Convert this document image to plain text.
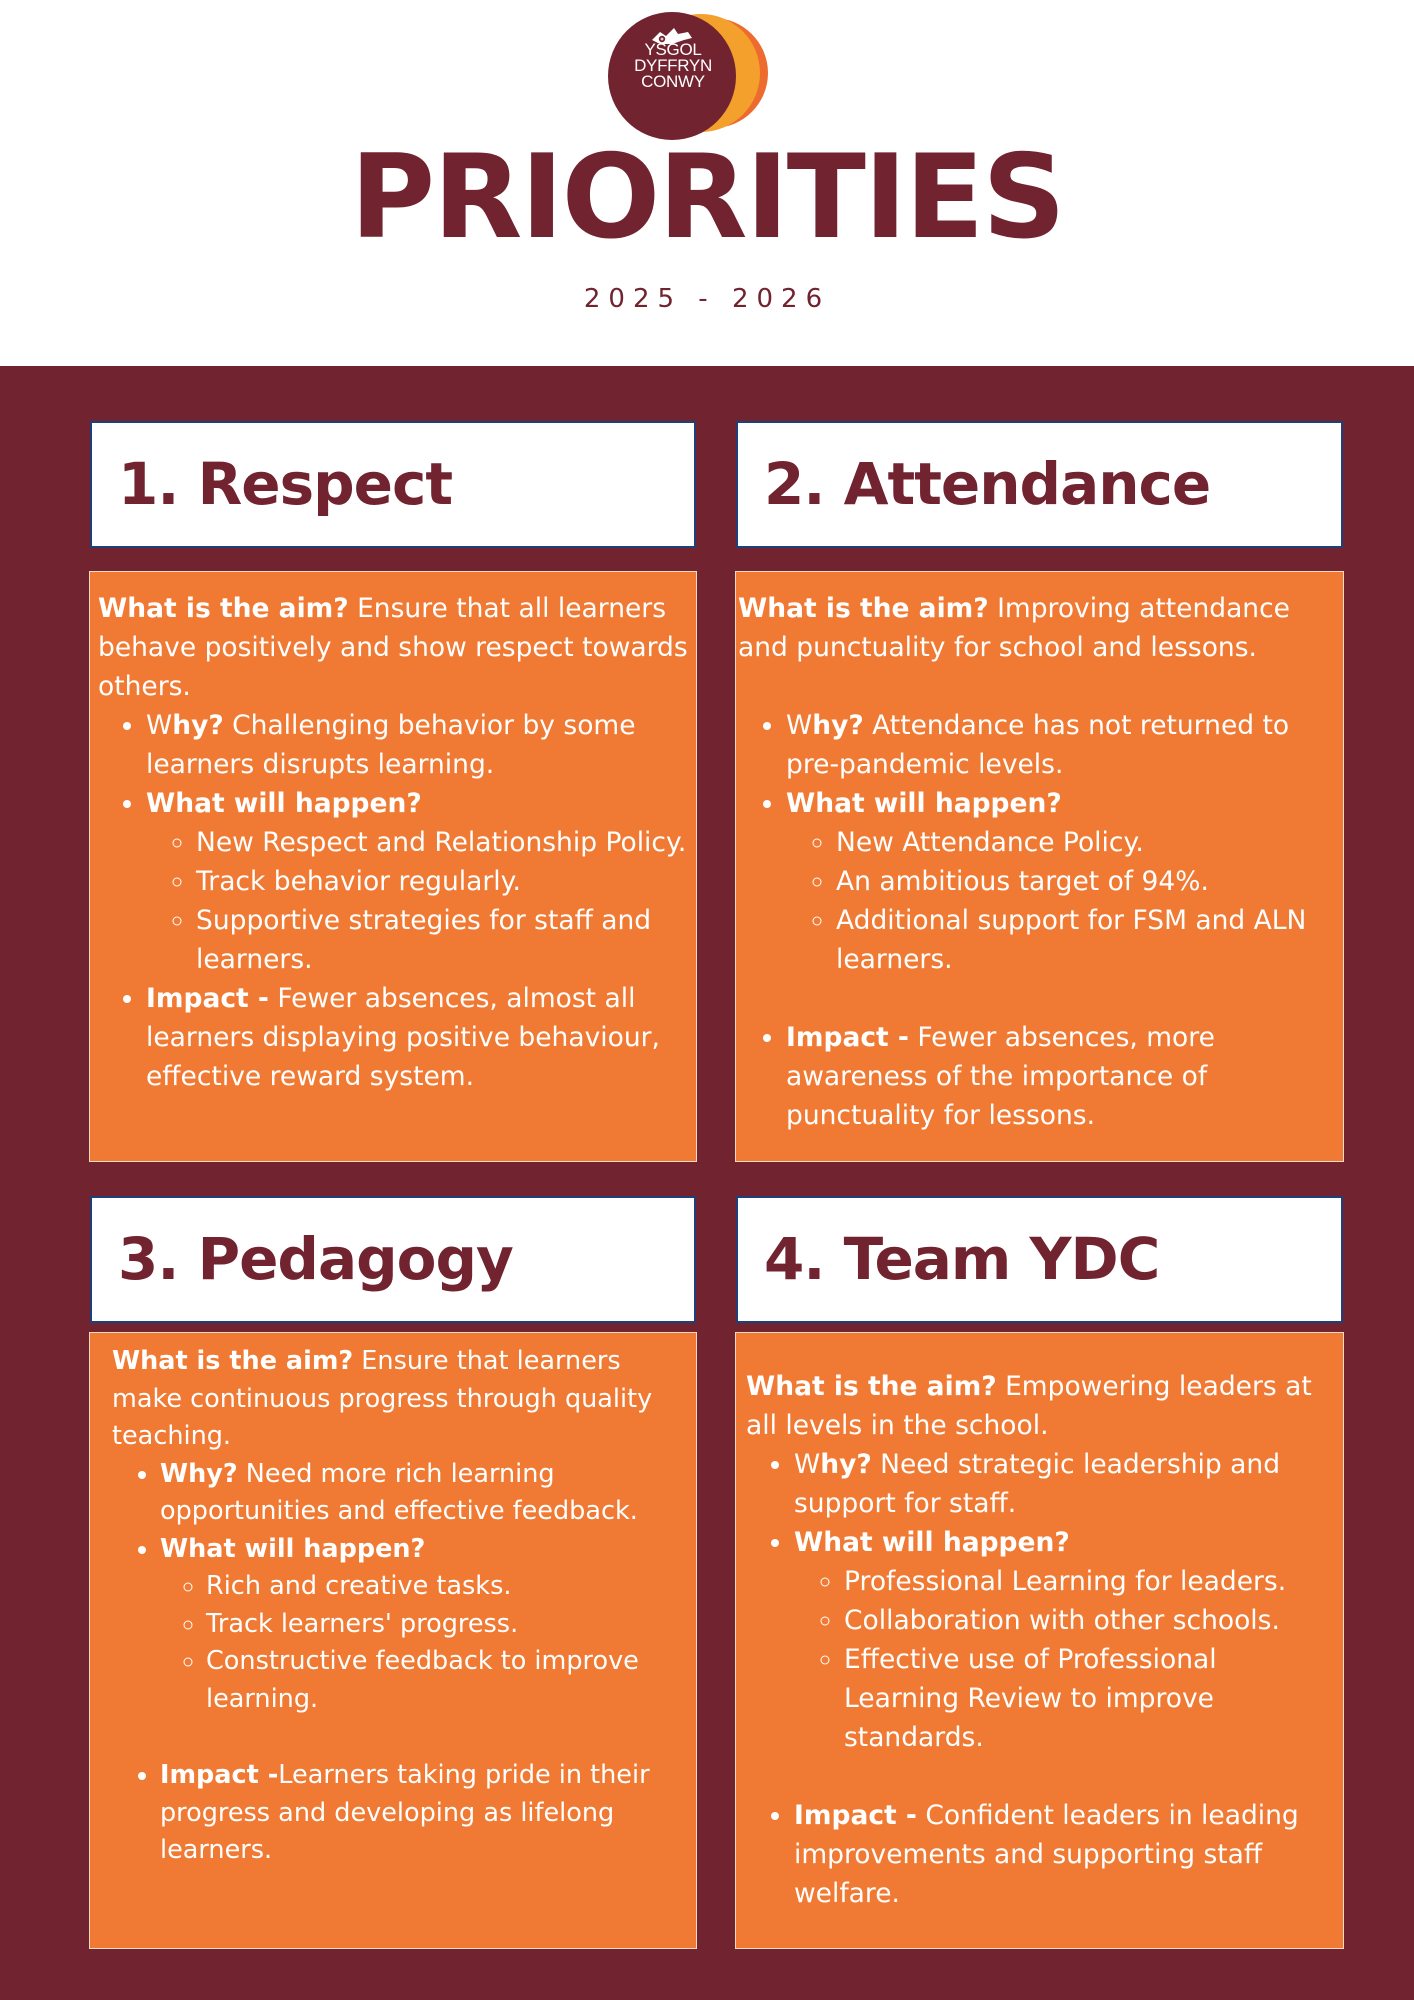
YSGOL
DYFFRYN
CONWY
PRIORITIES
2025 - 2026
1. Respect

What is the aim? Ensure that all learners behave positively and show respect towards others.

• Why? Challenging behavior by some learners disrupts learning.
• What will happen?
◦ New Respect and Relationship Policy.
◦ Track behavior regularly.
◦ Supportive strategies for staff and learners.
• Impact - Fewer absences, almost all learners displaying positive behaviour, effective reward system.
2. Attendance

What is the aim? Improving attendance and punctuality for school and lessons.

• Why? Attendance has not returned to pre-pandemic levels.
• What will happen?
◦ New Attendance Policy.
◦ An ambitious target of 94%.
◦ Additional support for FSM and ALN learners.
• Impact - Fewer absences, more awareness of the importance of punctuality for lessons.
3. Pedagogy

What is the aim? Ensure that learners make continuous progress through quality teaching.

• Why? Need more rich learning opportunities and effective feedback.
• What will happen?
◦ Rich and creative tasks.
◦ Track learners' progress.
◦ Constructive feedback to improve learning.
• Impact -Learners taking pride in their progress and developing as lifelong learners.
4. Team YDC

What is the aim? Empowering leaders at all levels in the school.

• Why? Need strategic leadership and support for staff.
• What will happen?
◦ Professional Learning for leaders.
◦ Collaboration with other schools.
◦ Effective use of Professional Learning Review to improve standards.
• Impact - Confident leaders in leading improvements and supporting staff welfare.
